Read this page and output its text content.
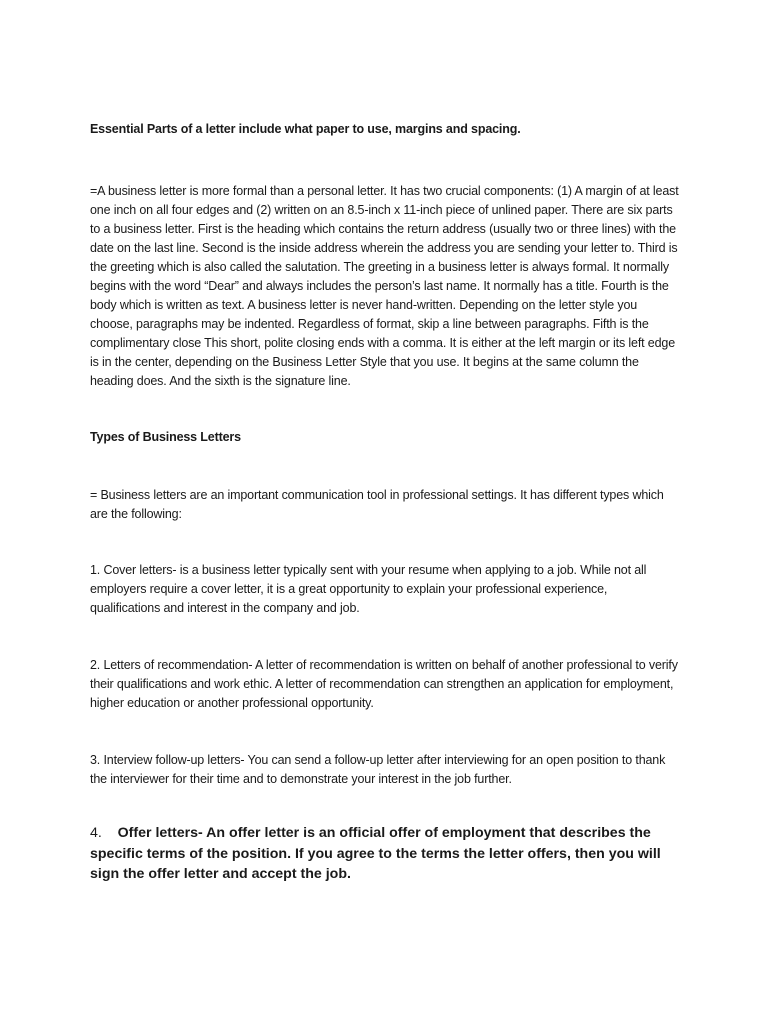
Essential Parts of a letter include what paper to use, margins and spacing.

=A business letter is more formal than a personal letter. It has two crucial components: (1) A margin of at least one inch on all four edges and (2) written on an 8.5-inch x 11-inch piece of unlined paper. There are six parts to a business letter. First is the heading which contains the return address (usually two or three lines) with the date on the last line. Second is the inside address wherein the address you are sending your letter to. Third is the greeting which is also called the salutation. The greeting in a business letter is always formal. It normally begins with the word “Dear” and always includes the person’s last name. It normally has a title. Fourth is the body which is written as text. A business letter is never hand-written. Depending on the letter style you choose, paragraphs may be indented. Regardless of format, skip a line between paragraphs. Fifth is the complimentary close This short, polite closing ends with a comma. It is either at the left margin or its left edge is in the center, depending on the Business Letter Style that you use. It begins at the same column the heading does. And the sixth is the signature line.

Types of Business Letters

= Business letters are an important communication tool in professional settings. It has different types which are the following:

1. Cover letters- is a business letter typically sent with your resume when applying to a job. While not all employers require a cover letter, it is a great opportunity to explain your professional experience, qualifications and interest in the company and job.

2. Letters of recommendation- A letter of recommendation is written on behalf of another professional to verify their qualifications and work ethic. A letter of recommendation can strengthen an application for employment, higher education or another professional opportunity.

3. Interview follow-up letters- You can send a follow-up letter after interviewing for an open position to thank the interviewer for their time and to demonstrate your interest in the job further.

4. Offer letters- An offer letter is an official offer of employment that describes the specific terms of the position. If you agree to the terms the letter offers, then you will sign the offer letter and accept the job.
